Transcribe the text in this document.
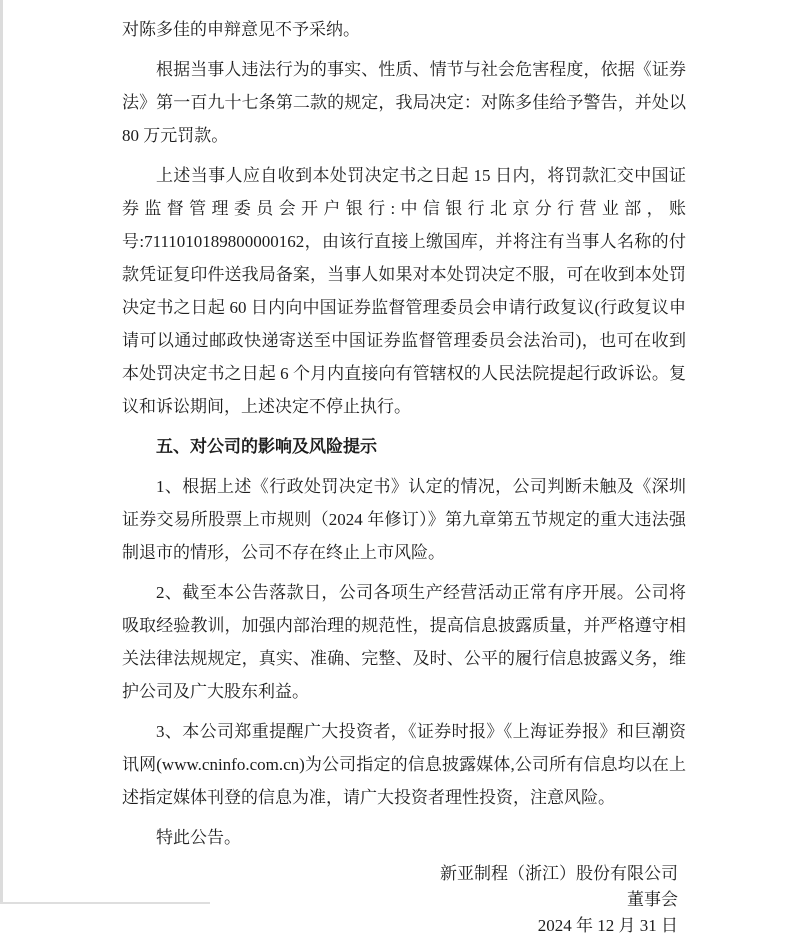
对陈多佳的申辩意见不予采纳。

根据当事人违法行为的事实、性质、情节与社会危害程度，依据《证券法》第一百九十七条第二款的规定，我局决定：对陈多佳给予警告，并处以 80 万元罚款。

上述当事人应自收到本处罚决定书之日起 15 日内，将罚款汇交中国证券监督管理委员会开户银行:中信银行北京分行营业部，账号:7111010189800000162，由该行直接上缴国库，并将注有当事人名称的付款凭证复印件送我局备案，当事人如果对本处罚决定不服，可在收到本处罚决定书之日起 60 日内向中国证券监督管理委员会申请行政复议(行政复议申请可以通过邮政快递寄送至中国证券监督管理委员会法治司)，也可在收到本处罚决定书之日起 6 个月内直接向有管辖权的人民法院提起行政诉讼。复议和诉讼期间，上述决定不停止执行。

五、对公司的影响及风险提示

1、根据上述《行政处罚决定书》认定的情况，公司判断未触及《深圳证券交易所股票上市规则（2024 年修订）》第九章第五节规定的重大违法强制退市的情形，公司不存在终止上市风险。

2、截至本公告落款日，公司各项生产经营活动正常有序开展。公司将吸取经验教训，加强内部治理的规范性，提高信息披露质量，并严格遵守相关法律法规规定，真实、准确、完整、及时、公平的履行信息披露义务，维护公司及广大股东利益。

3、本公司郑重提醒广大投资者，《证券时报》《上海证券报》和巨潮资讯网(www.cninfo.com.cn)为公司指定的信息披露媒体,公司所有信息均以在上述指定媒体刊登的信息为准，请广大投资者理性投资，注意风险。

特此公告。

新亚制程（浙江）股份有限公司
董事会
2024 年 12 月 31 日
